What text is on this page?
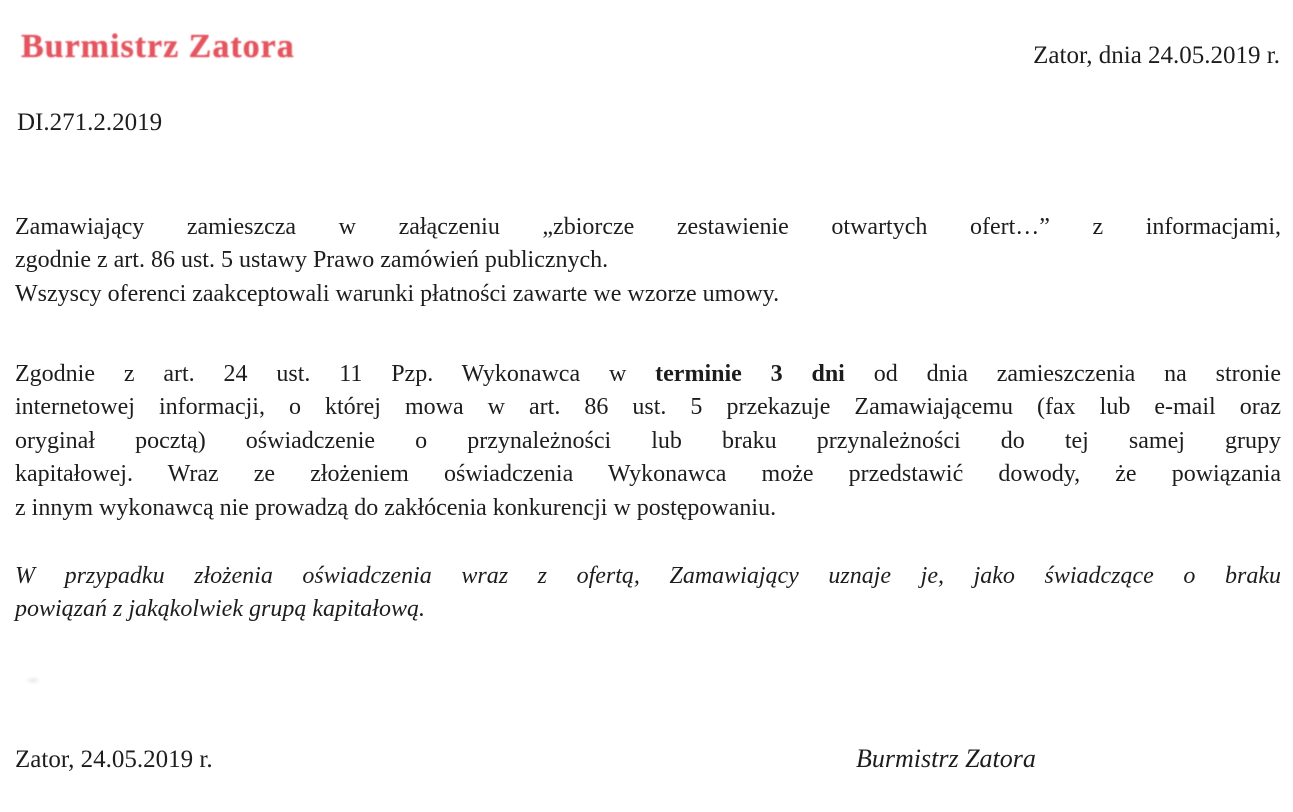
Burmistrz Zatora	Zator, dnia 24.05.2019 r.
DI.271.2.2019
Zamawiający zamieszcza w załączeniu „zbiorcze zestawienie otwartych ofert…” z informacjami,
zgodnie z art. 86 ust. 5 ustawy Prawo zamówień publicznych.
Wszyscy oferenci zaakceptowali warunki płatności zawarte we wzorze umowy.
Zgodnie z art. 24 ust. 11 Pzp. Wykonawca w terminie 3 dni od dnia zamieszczenia na stronie
internetowej informacji, o której mowa w art. 86 ust. 5 przekazuje Zamawiającemu (fax lub e-mail oraz
oryginał pocztą) oświadczenie o przynależności lub braku przynależności do tej samej grupy
kapitałowej. Wraz ze złożeniem oświadczenia Wykonawca może przedstawić dowody, że powiązania
z innym wykonawcą nie prowadzą do zakłócenia konkurencji w postępowaniu.
W przypadku złożenia oświadczenia wraz z ofertą, Zamawiający uznaje je, jako świadczące o braku
powiązań z jakąkolwiek grupą kapitałową.
Zator, 24.05.2019 r.	Burmistrz Zatora
